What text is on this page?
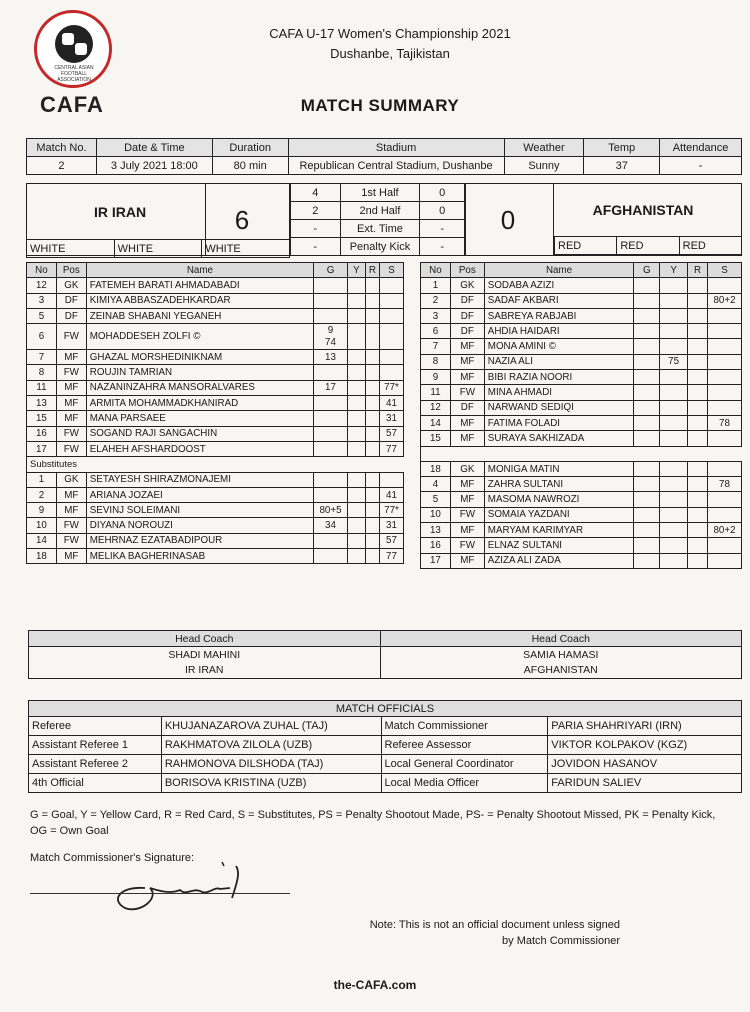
CENTRAL ASIAN FOOTBALL ASSOCIATION
CAFA
CAFA U-17 Women's Championship 2021
Dushanbe, Tajikistan
MATCH SUMMARY
Match No.	Date & Time	Duration	Stadium	Weather	Temp	Attendance
2	3 July 2021 18:00	80 min	Republican Central Stadium, Dushanbe	Sunny	37	-
IR IRAN	AFGHANISTAN
6	0
4	1st Half	0
2	2nd Half	0
-	Ext. Time	-
-	Penalty Kick	-
WHITE	WHITE	WHITE	RED	RED	RED
No	Pos	Name	G	Y	R	S
12	GK	FATEMEH BARATI AHMADABADI				
3	DF	KIMIYA ABBASZADEHKARDAR				
5	DF	ZEINAB SHABANI YEGANEH				
6	FW	MOHADDESEH ZOLFI ©	9
74			
7	MF	GHAZAL MORSHEDINIKNAM	13			
8	FW	ROUJIN TAMRIAN				
11	MF	NAZANINZAHRA MANSORALVARES	17			77*
13	MF	ARMITA MOHAMMADKHANIRAD				41
15	MF	MANA PARSAEE				31
16	FW	SOGAND RAJI SANGACHIN				57
17	FW	ELAHEH AFSHARDOOST				77
Substitutes						
1	GK	SETAYESH SHIRAZMONAJEMI				
2	MF	ARIANA JOZAEI				41
9	MF	SEVINJ SOLEIMANI	80+5			77*
10	FW	DIYANA NOROUZI	34			31
14	FW	MEHRNAZ EZATABADIPOUR				57
18	MF	MELIKA BAGHERINASAB				77
No	Pos	Name	G	Y	R	S
1	GK	SODABA AZIZI				
2	DF	SADAF AKBARI				80+2
3	DF	SABREYA RABJABI				
6	DF	AHDIA HAIDARI				
7	MF	MONA AMINI ©				
8	MF	NAZIA ALI		75		
9	MF	BIBI RAZIA NOORI				
11	FW	MINA AHMADI				
12	DF	NARWAND SEDIQI				
14	MF	FATIMA FOLADI				78
15	MF	SURAYA SAKHIZADA				

18	GK	MONIGA MATIN				
4	MF	ZAHRA SULTANI				78
5	MF	MASOMA NAWROZI				
10	FW	SOMAIA YAZDANI				
13	MF	MARYAM KARIMYAR				80+2
16	FW	ELNAZ SULTANI				
17	MF	AZIZA ALI ZADA				
Head Coach	Head Coach
SHADI MAHINI	SAMIA HAMASI
IR IRAN	AFGHANISTAN
MATCH OFFICIALS			
Referee	KHUJANAZAROVA ZUHAL (TAJ)	Match Commissioner	PARIA SHAHRIYARI (IRN)
Assistant Referee 1	RAKHMATOVA ZILOLA (UZB)	Referee Assessor	VIKTOR KOLPAKOV (KGZ)
Assistant Referee 2	RAHMONOVA DILSHODA (TAJ)	Local General Coordinator	JOVIDON HASANOV
4th Official	BORISOVA KRISTINA (UZB)	Local Media Officer	FARIDUN SALIEV
G = Goal, Y = Yellow Card, R = Red Card, S = Substitutes, PS = Penalty Shootout Made, PS- = Penalty Shootout Missed, PK = Penalty Kick, OG = Own Goal
Match Commissioner's Signature:
Note: This is not an official document unless signed
by Match Commissioner
the-CAFA.com
